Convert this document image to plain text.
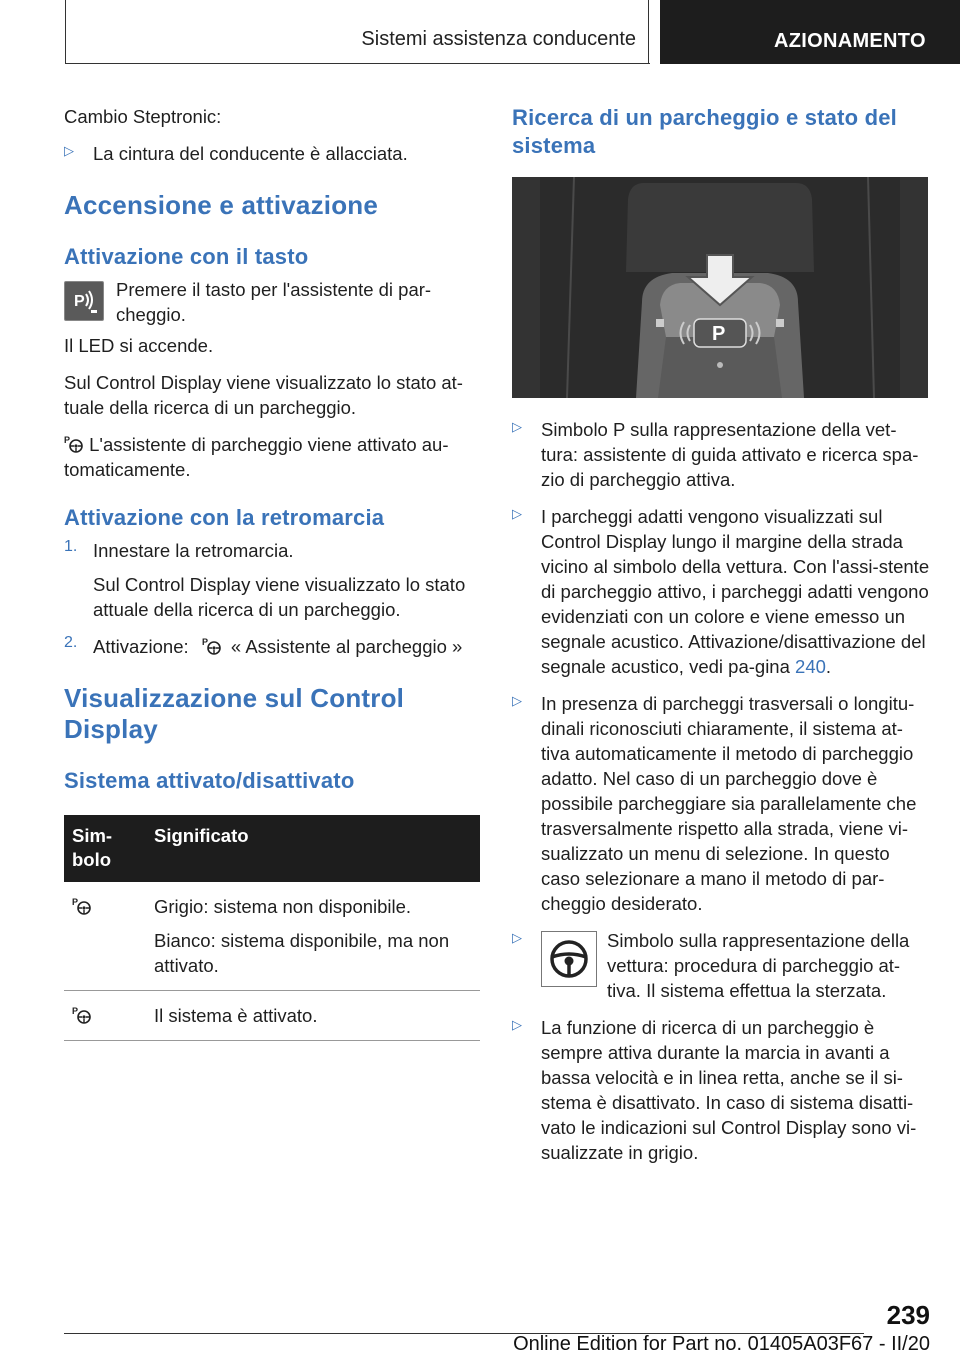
Sistemi assistenza conducente	AZIONAMENTO

Cambio Steptronic:

▷	La cintura del conducente è allacciata.

Accensione e attivazione
Attivazione con il tasto
P

Premere il tasto per l'assistente di par-cheggio.

Il LED si accende.

Sul Control Display viene visualizzato lo stato at-tuale della ricerca di un parcheggio.

P L'assistente di parcheggio viene attivato au-tomaticamente.

Attivazione con la retromarcia
1. Innestare la retromarcia.

Sul Control Display viene visualizzato lo stato attuale della ricerca di un parcheggio.

2. Attivazione: P « Assistente al parcheggio »

Visualizzazione sul Control Display
Sistema attivato/disattivato
Sim-bolo	Significato

P	Grigio: sistema non disponibile.

Bianco: sistema disponibile, ma non attivato.

P	Il sistema è attivato.

Ricerca di un parcheggio e stato del sistema
P
▷	Simbolo P sulla rappresentazione della vet-tura: assistente di guida attivato e ricerca spa-zio di parcheggio attiva.

▷	I parcheggi adatti vengono visualizzati sul Control Display lungo il margine della strada vicino al simbolo della vettura. Con l'assi-stente di parcheggio attivo, i parcheggi adatti vengono evidenziati con un colore e viene emesso un segnale acustico. Attivazione/disattivazione del segnale acustico, vedi pa-gina 240.

▷	In presenza di parcheggi trasversali o longitu-dinali riconosciuti chiaramente, il sistema at-tiva automaticamente il metodo di parcheggio adatto. Nel caso di un parcheggio dove è possibile parcheggiare sia parallelamente che trasversalmente rispetto alla strada, viene vi-sualizzato un menu di selezione. In questo caso selezionare a mano il metodo di par-cheggio desiderato.

▷	Simbolo sulla rappresentazione della vettura: procedura di parcheggio at-tiva. Il sistema effettua la sterzata.

▷	La funzione di ricerca di un parcheggio è sempre attiva durante la marcia in avanti a bassa velocità e in linea retta, anche se il si-stema è disattivato. In caso di sistema disatti-vato le indicazioni sul Control Display sono vi-sualizzate in grigio.

239
Online Edition for Part no. 01405A03F67 - II/20
